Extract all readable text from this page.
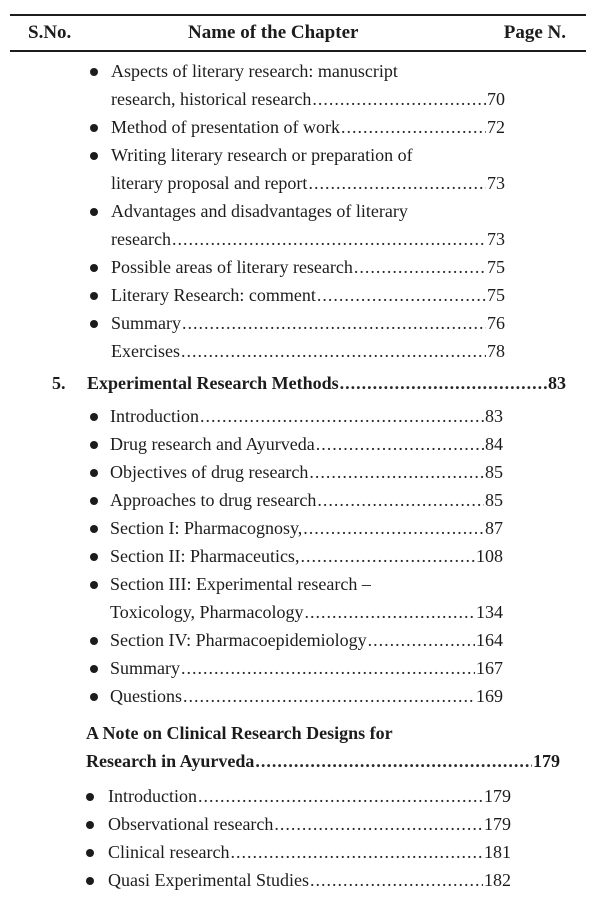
S.No.	Name of the Chapter	Page N.
Aspects of literary research: manuscript
research, historical research .....	70
Method of presentation of work .....	72
Writing literary research or preparation of
literary proposal and report .....	73
Advantages and disadvantages of literary
research .....	73
Possible areas of literary research .....	75
Literary Research: comment .....	75
Summary .....	76
Exercises .....	78
5. Experimental Research Methods .....	83
Introduction .....	83
Drug research and Ayurveda .....	84
Objectives of drug research .....	85
Approaches to drug research .....	85
Section I: Pharmacognosy, .....	87
Section II: Pharmaceutics, .....	108
Section III: Experimental research –
Toxicology, Pharmacology .....	134
Section IV: Pharmacoepidemiology .....	164
Summary .....	167
Questions .....	169
A Note on Clinical Research Designs for
Research in Ayurveda .....	179
Introduction .....	179
Observational research .....	179
Clinical research .....	181
Quasi Experimental Studies .....	182
